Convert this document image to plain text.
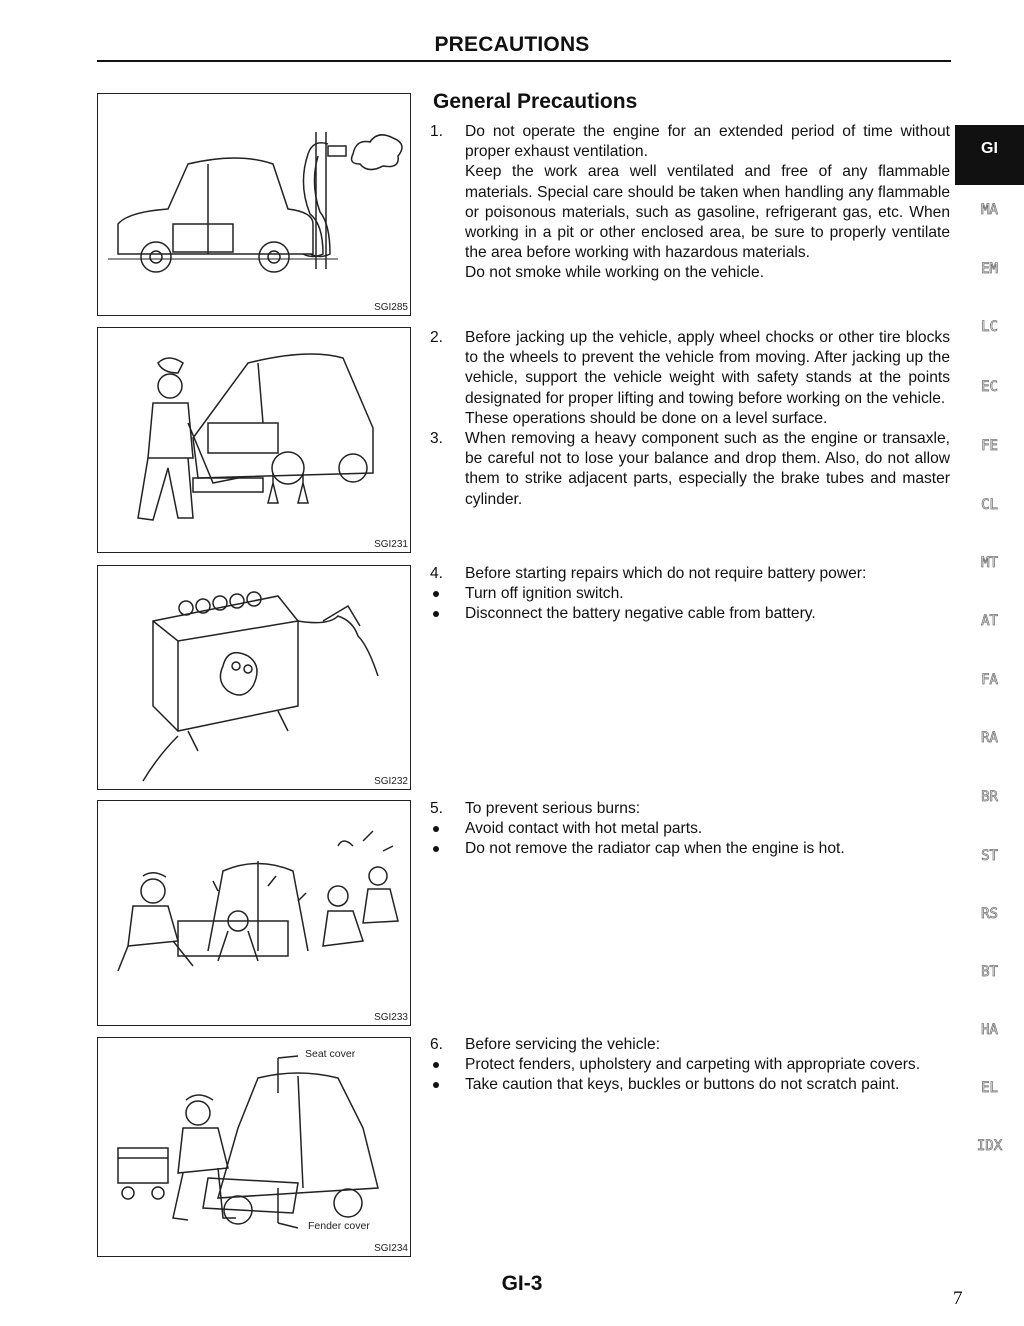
PRECAUTIONS
SGI285
SGI231
SGI232
SGI233
Seat cover
Fender cover
SGI234
General Precautions
1. Do not operate the engine for an extended period of time without proper exhaust ventilation.

Keep the work area well ventilated and free of any flammable materials. Special care should be taken when handling any flammable or poisonous materials, such as gasoline, refrigerant gas, etc. When working in a pit or other enclosed area, be sure to properly ventilate the area before working with hazardous materials.

Do not smoke while working on the vehicle.

2. Before jacking up the vehicle, apply wheel chocks or other tire blocks to the wheels to prevent the vehicle from moving. After jacking up the vehicle, support the vehicle weight with safety stands at the points designated for proper lifting and towing before working on the vehicle.

These operations should be done on a level surface.

3. When removing a heavy component such as the engine or transaxle, be careful not to lose your balance and drop them. Also, do not allow them to strike adjacent parts, especially the brake tubes and master cylinder.

4. Before starting repairs which do not require battery power:

Turn off ignition switch.

Disconnect the battery negative cable from battery.

5. To prevent serious burns:

Avoid contact with hot metal parts.

Do not remove the radiator cap when the engine is hot.

6. Before servicing the vehicle:

Protect fenders, upholstery and carpeting with appropriate covers.

Take caution that keys, buckles or buttons do not scratch paint.

GI
MA
EM
LC
EC
FE
CL
MT
AT
FA
RA
BR
ST
RS
BT
HA
EL
IDX
GI-3
7
